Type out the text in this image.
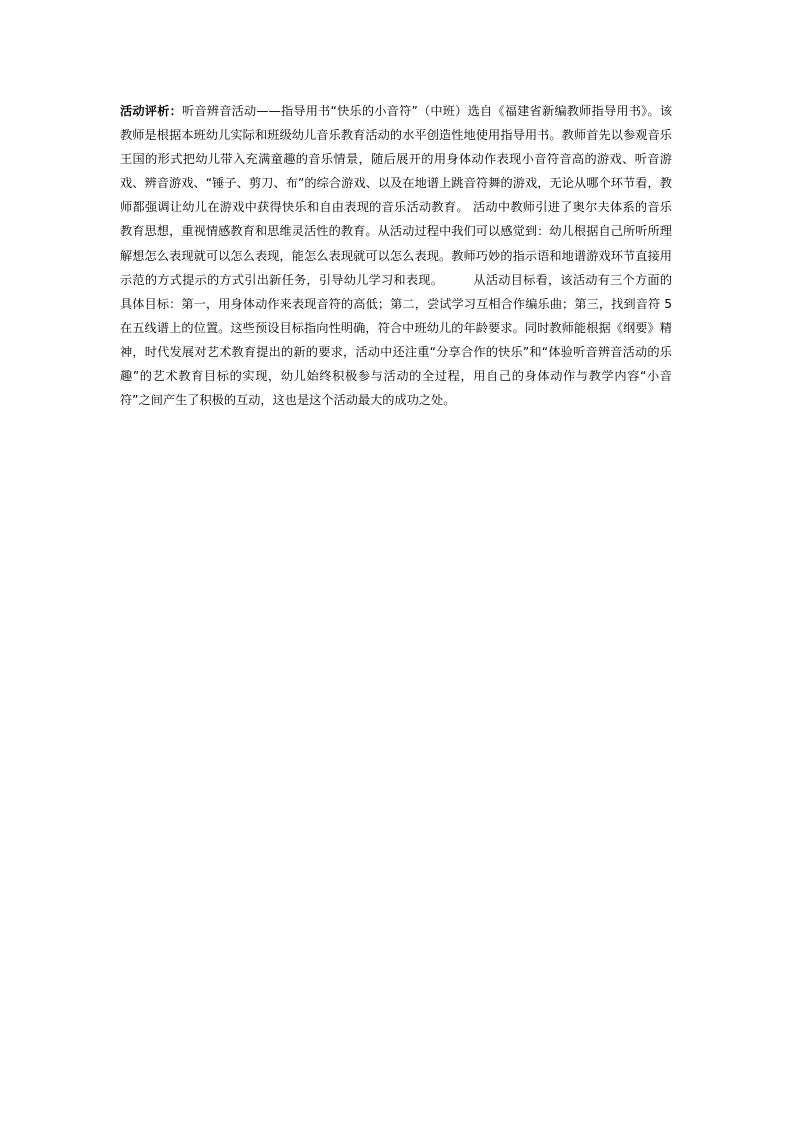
活动评析：听音辨音活动——指导用书“快乐的小音符”（中班）选自《福建省新编教师指导用书》。该教师是根据本班幼儿实际和班级幼儿音乐教育活动的水平创造性地使用指导用书。教师首先以参观音乐王国的形式把幼儿带入充满童趣的音乐情景，随后展开的用身体动作表现小音符音高的游戏、听音游戏、辨音游戏、“锤子、剪刀、布”的综合游戏、以及在地谱上跳音符舞的游戏，无论从哪个环节看，教师都强调让幼儿在游戏中获得快乐和自由表现的音乐活动教育。 活动中教师引进了奥尔夫体系的音乐教育思想，重视情感教育和思维灵活性的教育。从活动过程中我们可以感觉到：幼儿根据自己所听所理解想怎么表现就可以怎么表现，能怎么表现就可以怎么表现。教师巧妙的指示语和地谱游戏环节直接用示范的方式提示的方式引出新任务，引导幼儿学习和表现。 从活动目标看，该活动有三个方面的具体目标：第一，用身体动作来表现音符的高低；第二，尝试学习互相合作编乐曲；第三，找到音符 5 在五线谱上的位置。这些预设目标指向性明确，符合中班幼儿的年龄要求。同时教师能根据《纲要》精神，时代发展对艺术教育提出的新的要求，活动中还注重“分享合作的快乐”和“体验听音辨音活动的乐趣”的艺术教育目标的实现，幼儿始终积极参与活动的全过程，用自己的身体动作与教学内容“小音符”之间产生了积极的互动，这也是这个活动最大的成功之处。
